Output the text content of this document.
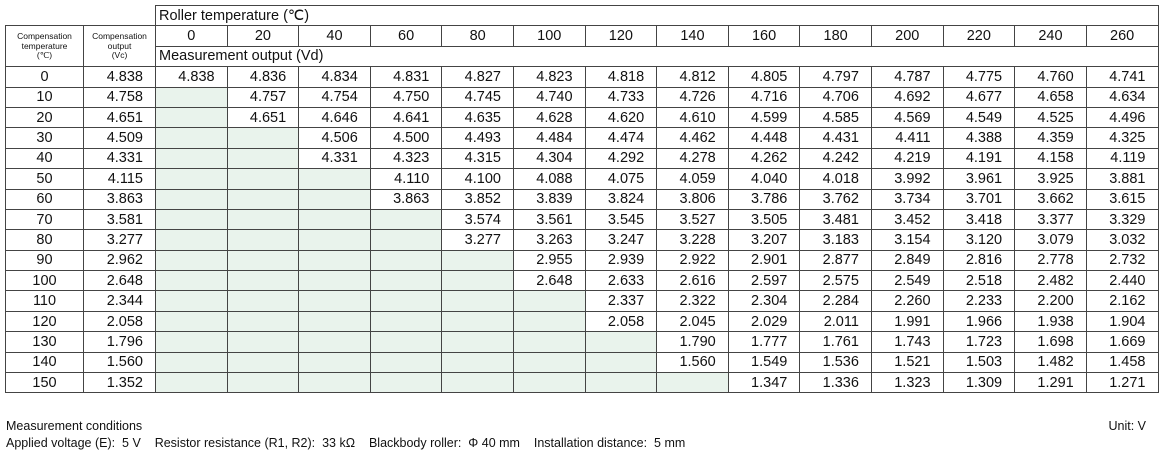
		Roller temperature (℃)													
Compensation
temperature
(℃)	Compensation
output
(Vc)	0	20	40	60	80	100	120	140	160	180	200	220	240	260
		Measurement output (Vd)													
0	4.838	4.838	4.836	4.834	4.831	4.827	4.823	4.818	4.812	4.805	4.797	4.787	4.775	4.760	4.741
10	4.758		4.757	4.754	4.750	4.745	4.740	4.733	4.726	4.716	4.706	4.692	4.677	4.658	4.634
20	4.651		4.651	4.646	4.641	4.635	4.628	4.620	4.610	4.599	4.585	4.569	4.549	4.525	4.496
30	4.509			4.506	4.500	4.493	4.484	4.474	4.462	4.448	4.431	4.411	4.388	4.359	4.325
40	4.331			4.331	4.323	4.315	4.304	4.292	4.278	4.262	4.242	4.219	4.191	4.158	4.119
50	4.115				4.110	4.100	4.088	4.075	4.059	4.040	4.018	3.992	3.961	3.925	3.881
60	3.863				3.863	3.852	3.839	3.824	3.806	3.786	3.762	3.734	3.701	3.662	3.615
70	3.581					3.574	3.561	3.545	3.527	3.505	3.481	3.452	3.418	3.377	3.329
80	3.277					3.277	3.263	3.247	3.228	3.207	3.183	3.154	3.120	3.079	3.032
90	2.962						2.955	2.939	2.922	2.901	2.877	2.849	2.816	2.778	2.732
100	2.648						2.648	2.633	2.616	2.597	2.575	2.549	2.518	2.482	2.440
110	2.344							2.337	2.322	2.304	2.284	2.260	2.233	2.200	2.162
120	2.058							2.058	2.045	2.029	2.011	1.991	1.966	1.938	1.904
130	1.796								1.790	1.777	1.761	1.743	1.723	1.698	1.669
140	1.560								1.560	1.549	1.536	1.521	1.503	1.482	1.458
150	1.352									1.347	1.336	1.323	1.309	1.291	1.271
Measurement conditions
Applied voltage (E):  5 V    Resistor resistance (R1, R2):  33 kΩ    Blackbody roller:  Φ 40 mm    Installation distance:  5 mm
Unit: V
